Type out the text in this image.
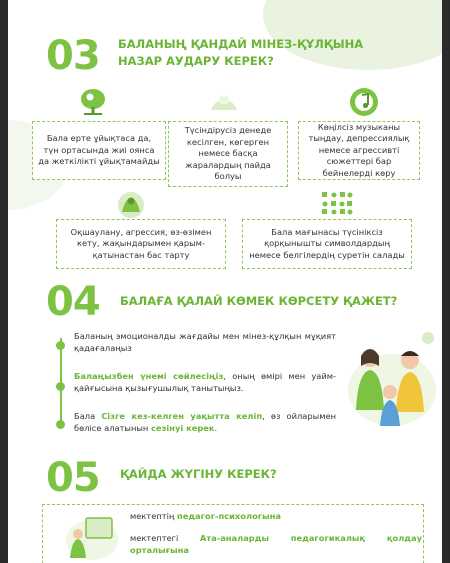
03 БАЛАНЫҢ ҚАНДАЙ МІНЕЗ-ҚҰЛҚЫНА
НАЗАР АУДАРУ КЕРЕК?
Бала ерте ұйықтаса да, түн ортасында жиі оянса да жеткілікті ұйықтамайды
Түсіндірусіз денеде кесілген, көгерген немесе басқа жаралардың пайда болуы
Көңілсіз музыканы тыңдау, депрессиялық немесе агрессивті сюжеттері бар бейнелерді көру
Оқшаулану, агрессия, өз-өзімен кету, жақындарымен қарым-қатынастан бас тарту
Бала мағынасы түсініксіз қорқынышты символдардың немесе белгілердің суретін салады
04 БАЛАҒА ҚАЛАЙ КӨМЕК КӨРСЕТУ ҚАЖЕТ?
Баланың эмоционалды жағдайы мен мінез-құлқын мұқият қадағалаңыз
Балаңызбен үнемі сөйлесіңіз, оның өмірі мен уайм-қайғысына қызығушылық танытыңыз.
Бала Сізге кез-келген уақытта келіп, өз ойларымен бөлісе алатынын сезінуі керек.
05 ҚАЙДА ЖҮГІНУ КЕРЕК?
мектептің педагог-психологына
мектептегі Ата-аналарды педагогикалық қолдау орталығына
